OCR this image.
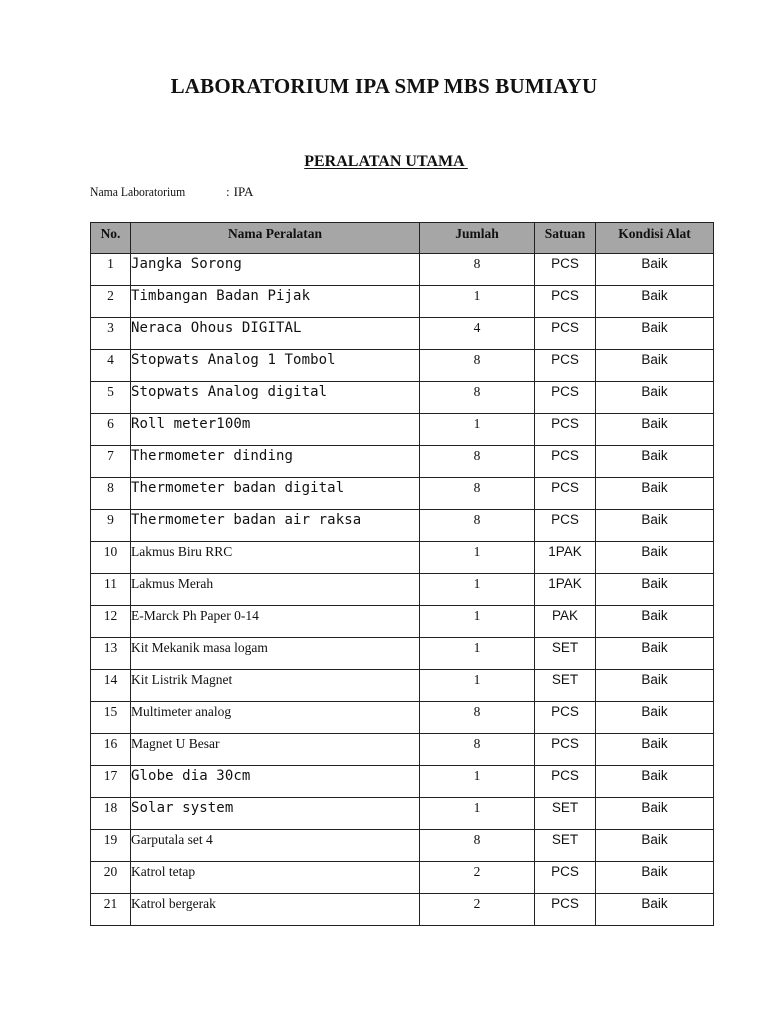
LABORATORIUM IPA SMP MBS BUMIAYU
PERALATAN UTAMA
Nama Laboratorium	: IPA
No.	Nama Peralatan	Jumlah	Satuan	Kondisi Alat
1	Jangka Sorong	8	PCS	Baik
2	Timbangan Badan Pijak	1	PCS	Baik
3	Neraca Ohous DIGITAL	4	PCS	Baik
4	Stopwats Analog 1 Tombol	8	PCS	Baik
5	Stopwats Analog digital	8	PCS	Baik
6	Roll meter100m	1	PCS	Baik
7	Thermometer dinding	8	PCS	Baik
8	Thermometer badan digital	8	PCS	Baik
9	Thermometer badan air raksa	8	PCS	Baik
10	Lakmus Biru RRC	1	1PAK	Baik
11	Lakmus Merah	1	1PAK	Baik
12	E-Marck Ph Paper 0-14	1	PAK	Baik
13	Kit Mekanik masa logam	1	SET	Baik
14	Kit Listrik Magnet	1	SET	Baik
15	Multimeter analog	8	PCS	Baik
16	Magnet U Besar	8	PCS	Baik
17	Globe dia 30cm	1	PCS	Baik
18	Solar system	1	SET	Baik
19	Garputala set 4	8	SET	Baik
20	Katrol tetap	2	PCS	Baik
21	Katrol bergerak	2	PCS	Baik
